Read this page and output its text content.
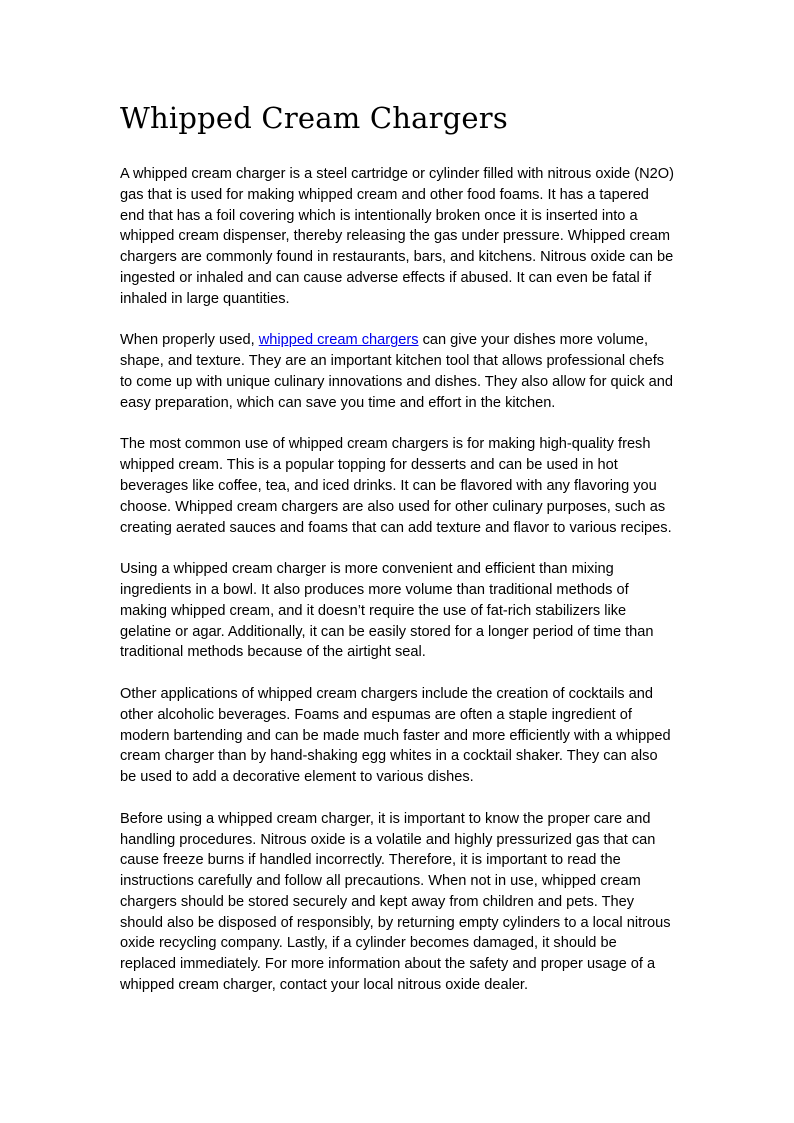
Whipped Cream Chargers

A whipped cream charger is a steel cartridge or cylinder filled with nitrous oxide (N2O) gas that is used for making whipped cream and other food foams. It has a tapered end that has a foil covering which is intentionally broken once it is inserted into a whipped cream dispenser, thereby releasing the gas under pressure. Whipped cream chargers are commonly found in restaurants, bars, and kitchens. Nitrous oxide can be ingested or inhaled and can cause adverse effects if abused. It can even be fatal if inhaled in large quantities.

When properly used, whipped cream chargers can give your dishes more volume, shape, and texture. They are an important kitchen tool that allows professional chefs to come up with unique culinary innovations and dishes. They also allow for quick and easy preparation, which can save you time and effort in the kitchen.

The most common use of whipped cream chargers is for making high-quality fresh whipped cream. This is a popular topping for desserts and can be used in hot beverages like coffee, tea, and iced drinks. It can be flavored with any flavoring you choose. Whipped cream chargers are also used for other culinary purposes, such as creating aerated sauces and foams that can add texture and flavor to various recipes.

Using a whipped cream charger is more convenient and efficient than mixing ingredients in a bowl. It also produces more volume than traditional methods of making whipped cream, and it doesn’t require the use of fat-rich stabilizers like gelatine or agar. Additionally, it can be easily stored for a longer period of time than traditional methods because of the airtight seal.

Other applications of whipped cream chargers include the creation of cocktails and other alcoholic beverages. Foams and espumas are often a staple ingredient of modern bartending and can be made much faster and more efficiently with a whipped cream charger than by hand-shaking egg whites in a cocktail shaker. They can also be used to add a decorative element to various dishes.

Before using a whipped cream charger, it is important to know the proper care and handling procedures. Nitrous oxide is a volatile and highly pressurized gas that can cause freeze burns if handled incorrectly. Therefore, it is important to read the instructions carefully and follow all precautions. When not in use, whipped cream chargers should be stored securely and kept away from children and pets. They should also be disposed of responsibly, by returning empty cylinders to a local nitrous oxide recycling company. Lastly, if a cylinder becomes damaged, it should be replaced immediately. For more information about the safety and proper usage of a whipped cream charger, contact your local nitrous oxide dealer.
